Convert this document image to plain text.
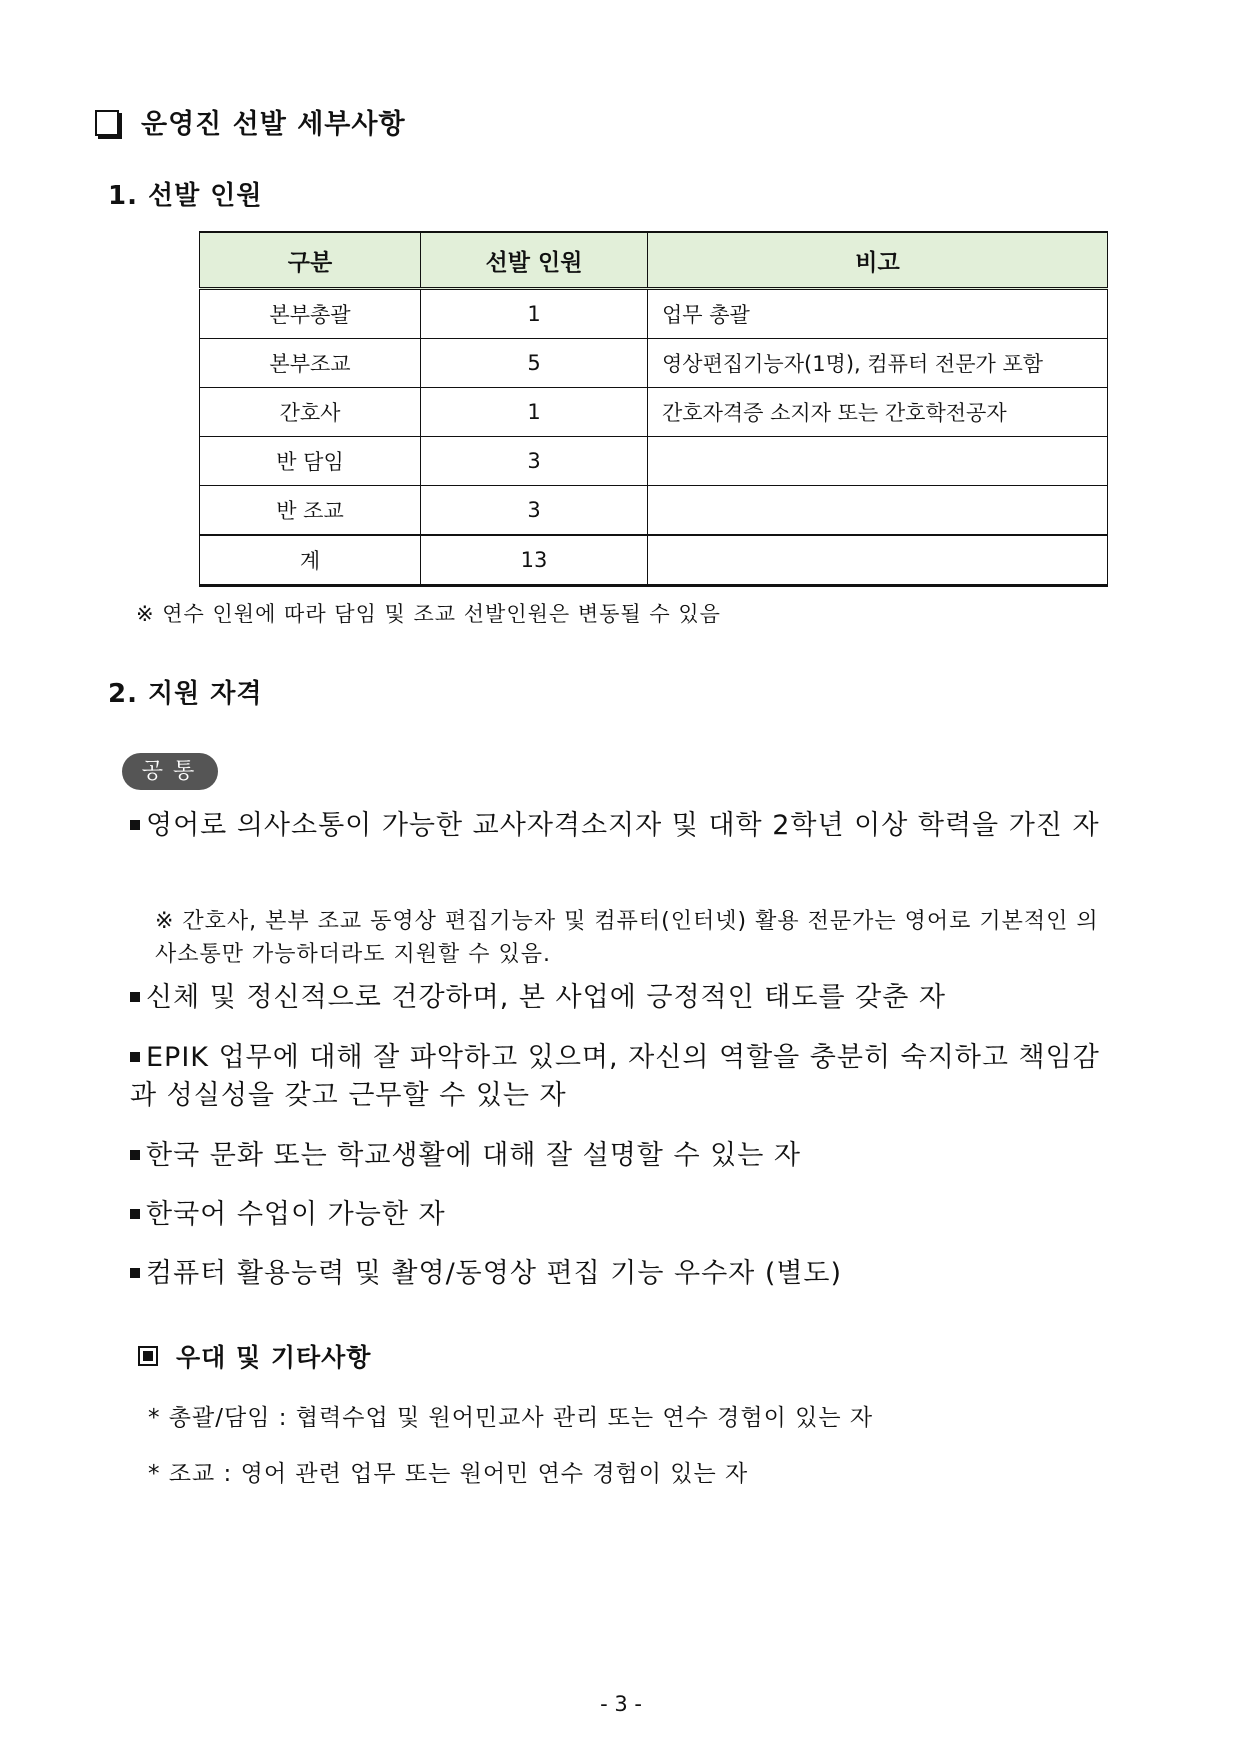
운영진 선발 세부사항
1. 선발 인원
구분	선발 인원	비고
본부총괄	1	업무 총괄
본부조교	5	영상편집기능자(1명), 컴퓨터 전문가 포함
간호사	1	간호자격증 소지자 또는 간호학전공자
반 담임	3	
반 조교	3	
계	13	
※ 연수 인원에 따라 담임 및 조교 선발인원은 변동될 수 있음
2. 지원 자격
공통
영어로 의사소통이 가능한 교사자격소지자 및 대학 2학년 이상 학력을 가진 자
※ 간호사, 본부 조교 동영상 편집기능자 및 컴퓨터(인터넷) 활용 전문가는 영어로 기본적인 의사소통만 가능하더라도 지원할 수 있음.
신체 및 정신적으로 건강하며, 본 사업에 긍정적인 태도를 갖춘 자
EPIK 업무에 대해 잘 파악하고 있으며, 자신의 역할을 충분히 숙지하고 책임감과 성실성을 갖고 근무할 수 있는 자
한국 문화 또는 학교생활에 대해 잘 설명할 수 있는 자
한국어 수업이 가능한 자
컴퓨터 활용능력 및 촬영/동영상 편집 기능 우수자 (별도)
우대 및 기타사항
* 총괄/담임 : 협력수업 및 원어민교사 관리 또는 연수 경험이 있는 자
* 조교 : 영어 관련 업무 또는 원어민 연수 경험이 있는 자
- 3 -
